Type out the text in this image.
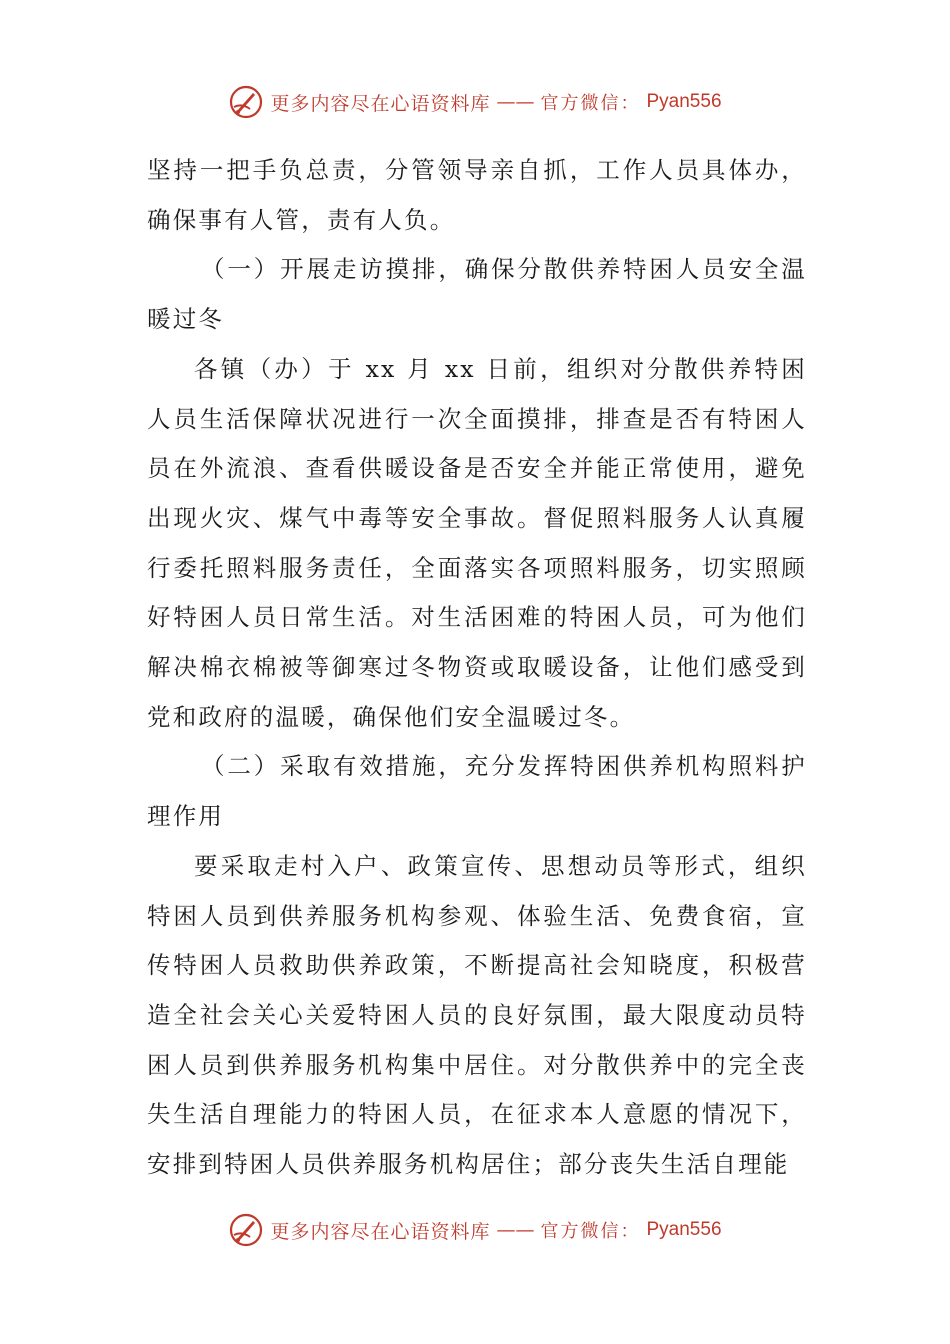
更多内容尽在心语资料库 —— 官方微信： Pyan556

坚持一把手负总责，分管领导亲自抓，工作人员具体办，确保事有人管，责有人负。

（一）开展走访摸排，确保分散供养特困人员安全温暖过冬

各镇（办）于 xx 月 xx 日前，组织对分散供养特困人员生活保障状况进行一次全面摸排，排查是否有特困人员在外流浪、查看供暖设备是否安全并能正常使用，避免出现火灾、煤气中毒等安全事故。督促照料服务人认真履行委托照料服务责任，全面落实各项照料服务，切实照顾好特困人员日常生活。对生活困难的特困人员，可为他们解决棉衣棉被等御寒过冬物资或取暖设备，让他们感受到党和政府的温暖，确保他们安全温暖过冬。

（二）采取有效措施，充分发挥特困供养机构照料护理作用

要采取走村入户、政策宣传、思想动员等形式，组织特困人员到供养服务机构参观、体验生活、免费食宿，宣传特困人员救助供养政策，不断提高社会知晓度，积极营造全社会关心关爱特困人员的良好氛围，最大限度动员特困人员到供养服务机构集中居住。对分散供养中的完全丧失生活自理能力的特困人员，在征求本人意愿的情况下，安排到特困人员供养服务机构居住；部分丧失生活自理能

更多内容尽在心语资料库 —— 官方微信： Pyan556
